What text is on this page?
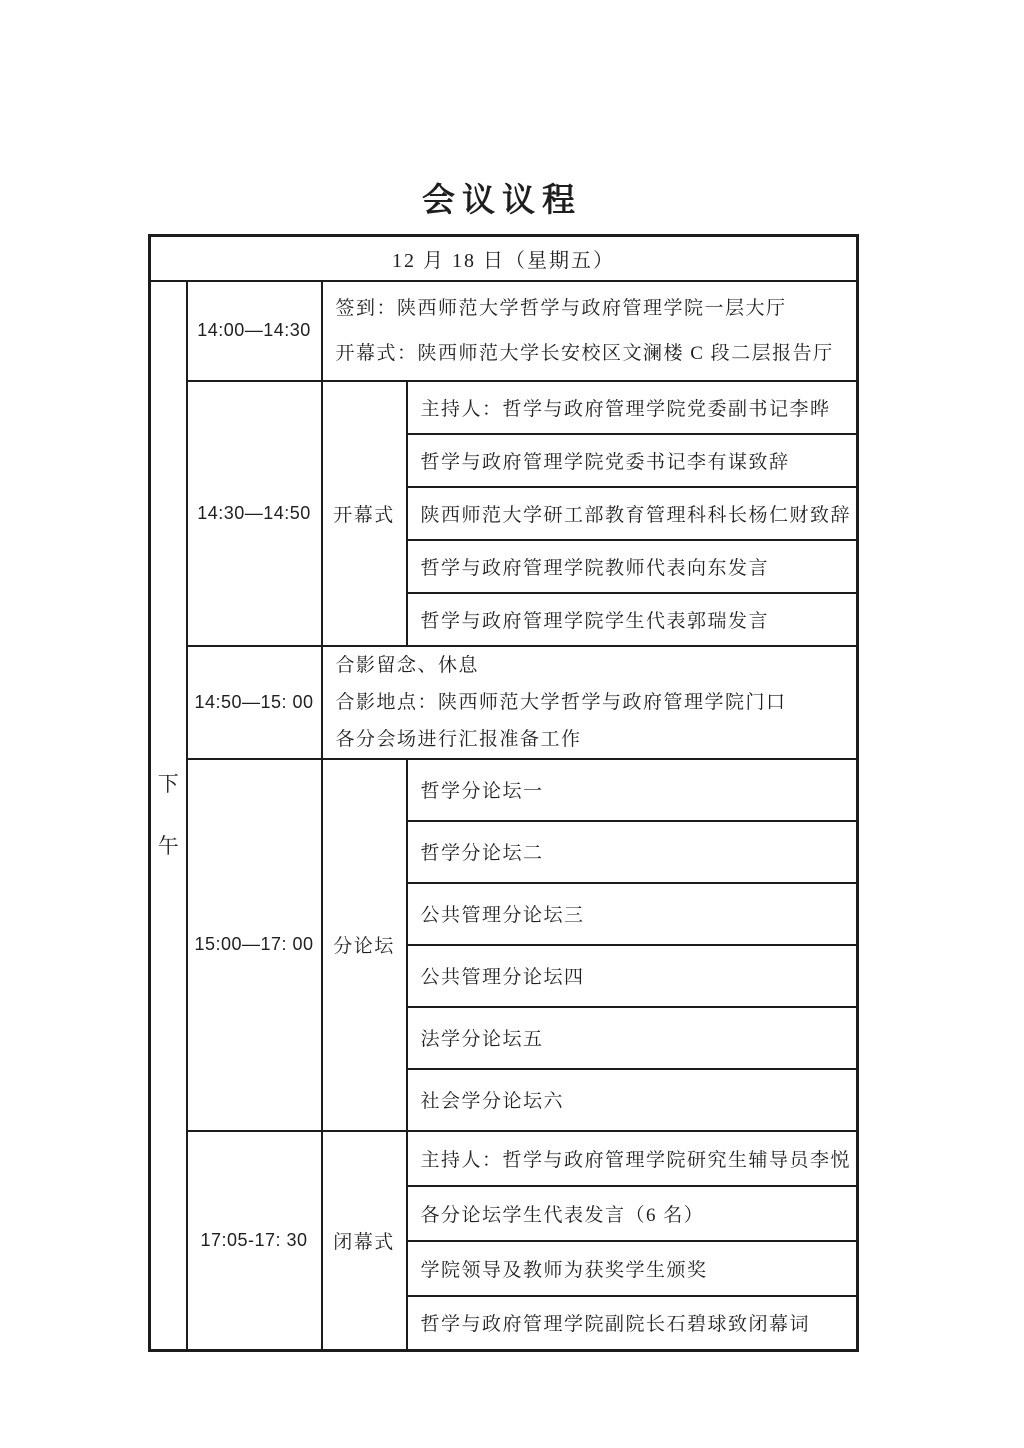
会议议程
12 月 18 日（星期五）			

下午	14:00—14:30	签到：陕西师范大学哲学与政府管理学院一层大厅
开幕式：陕西师范大学长安校区文澜楼 C 段二层报告厅	

	14:30—14:50	开幕式	主持人：哲学与政府管理学院党委副书记李晔
			哲学与政府管理学院党委书记李有谋致辞
			陕西师范大学研工部教育管理科科长杨仁财致辞
			哲学与政府管理学院教师代表向东发言
			哲学与政府管理学院学生代表郭瑞发言
	14:50—15: 00	合影留念、休息
合影地点：陕西师范大学哲学与政府管理学院门口
各分会场进行汇报准备工作	

	15:00—17: 00	分论坛	哲学分论坛一
			哲学分论坛二
			公共管理分论坛三
			公共管理分论坛四
			法学分论坛五
			社会学分论坛六
	17:05-17: 30	闭幕式	主持人：哲学与政府管理学院研究生辅导员李悦
			各分论坛学生代表发言（6 名）
			学院领导及教师为获奖学生颁奖
			哲学与政府管理学院副院长石碧球致闭幕词
